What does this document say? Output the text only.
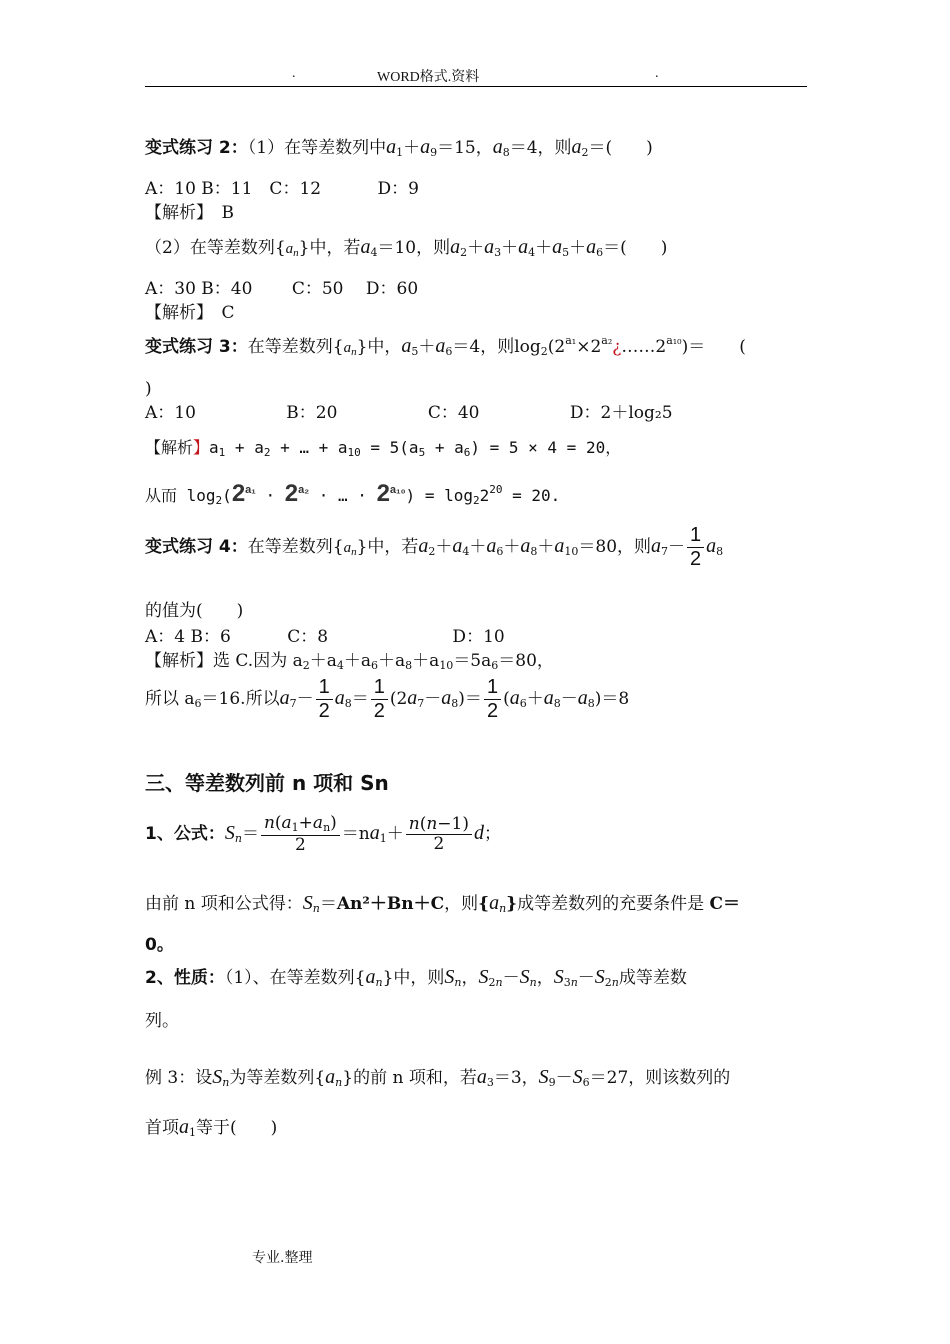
.	WORD格式.资料	.
变式练习 2：（1）在等差数列中$a_1+a_9=15$，$a_8=4$，则$a_2=$(　　)
A：10 B：11　C：12　　　 D：9
【解析】　B
（2）在等差数列$\{a_n\}$中，若$a_4=10$，则$a_2+a_3+a_4+a_5+a_6=$(　　)
A：30 B：40　　 C：50　 D：60
【解析】　C
变式练习 3：在等差数列$\{a_n\}$中，$a_5+a_6=4$，则$\log_2(2^{a_1}\times 2^{a_2}¿\dots\dots 2^{a_{10}})=$　　(
)
A：10　　　　　 B：20　　　　　 C：40　　　　　 D：2＋log₂5
【解析】$a_1 + a_2$ + … + $a_{10} = 5(a_5 + a_6) = 5 \times 4 = 20$，
从而 $\log_2(2^{a_1} \cdot 2^{a_2}$ · … · $2^{a_{10}}) = \log_22^{20} = 20$.
变式练习 4：在等差数列$\{a_n\}$中，若$a_2+a_4+a_6+a_8+a_{10}=80$，则$a_7- \frac{1}{2} a_8$
的值为(　　)
A：4 B：6　　　 C：8　　　　　　　 D：10
【解析】选 C.因为 $a_2+a_4+a_6+a_8+a_{10}=5a_6=80$，
所以 $a_6=16$.所以$a_7- \frac{1}{2} a_8= \frac{1}{2} (2a_7-a_8)= \frac{1}{2} (a_6+a_8-a_8)=8$
三、等差数列前 n 项和 Sn
1、公式：$S_n= \frac{n(a_1+a_n)}{2} =na_1+ \frac{n(n-1)}{2}$ d；
由前 n 项和公式得：$S_n=An^2+Bn+C$，则$\{a_n\}$成等差数列的充要条件是 C＝
0。
2、性质：（1）、在等差数列$\{a_n\}$中，则$S_n$，$S_{2n}-S_n$，$S_{3n}-S_{2n}$成等差数
列。
例 3：设$S_n$为等差数列$\{a_n\}$的前 n 项和，若$a_3=3$，$S_9-S_6=27$，则该数列的
首项$a_1$等于(　　)
专业.整理
